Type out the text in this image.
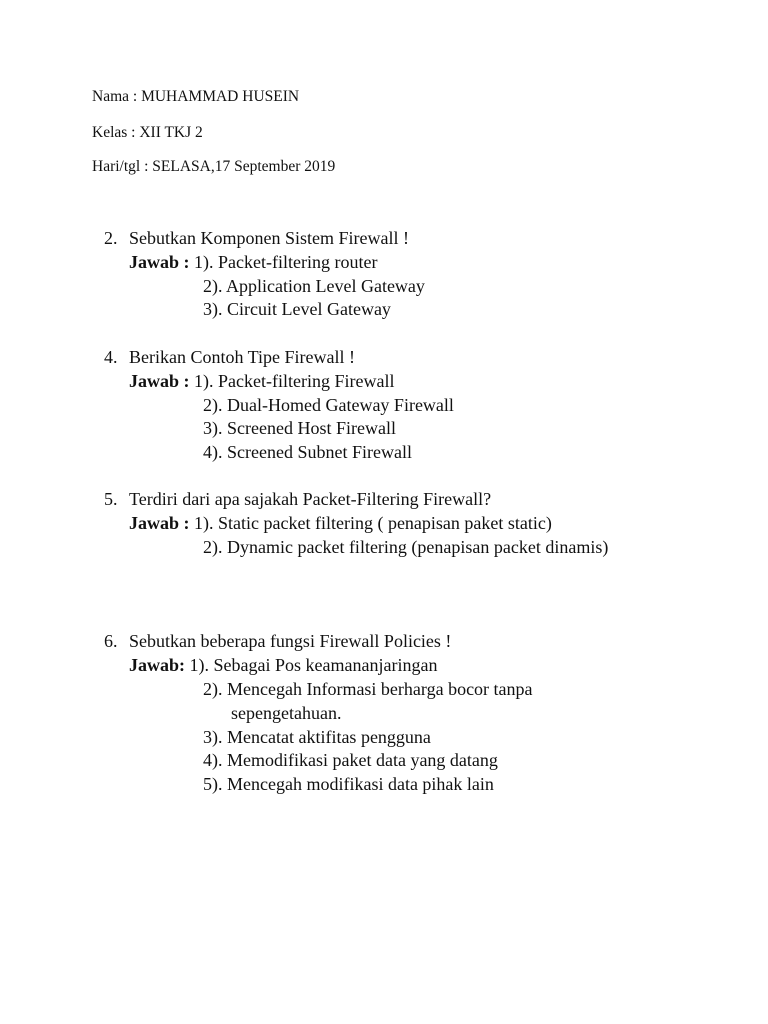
Nama : MUHAMMAD HUSEIN
Kelas : XII TKJ 2
Hari/tgl : SELASA,17 September 2019
2. Sebutkan Komponen Sistem Firewall !
Jawab : 1). Packet-filtering router
2). Application Level Gateway
3). Circuit Level Gateway
4. Berikan Contoh Tipe Firewall !
Jawab : 1). Packet-filtering Firewall
2). Dual-Homed Gateway Firewall
3). Screened Host Firewall
4). Screened Subnet Firewall
5. Terdiri dari apa sajakah Packet-Filtering Firewall?
Jawab : 1). Static packet filtering ( penapisan paket static)
2). Dynamic packet filtering (penapisan packet dinamis)
6. Sebutkan beberapa fungsi Firewall Policies !
Jawab: 1). Sebagai Pos keamananjaringan
2). Mencegah Informasi berharga bocor tanpa
sepengetahuan.
3). Mencatat aktifitas pengguna
4). Memodifikasi paket data yang datang
5). Mencegah modifikasi data pihak lain
